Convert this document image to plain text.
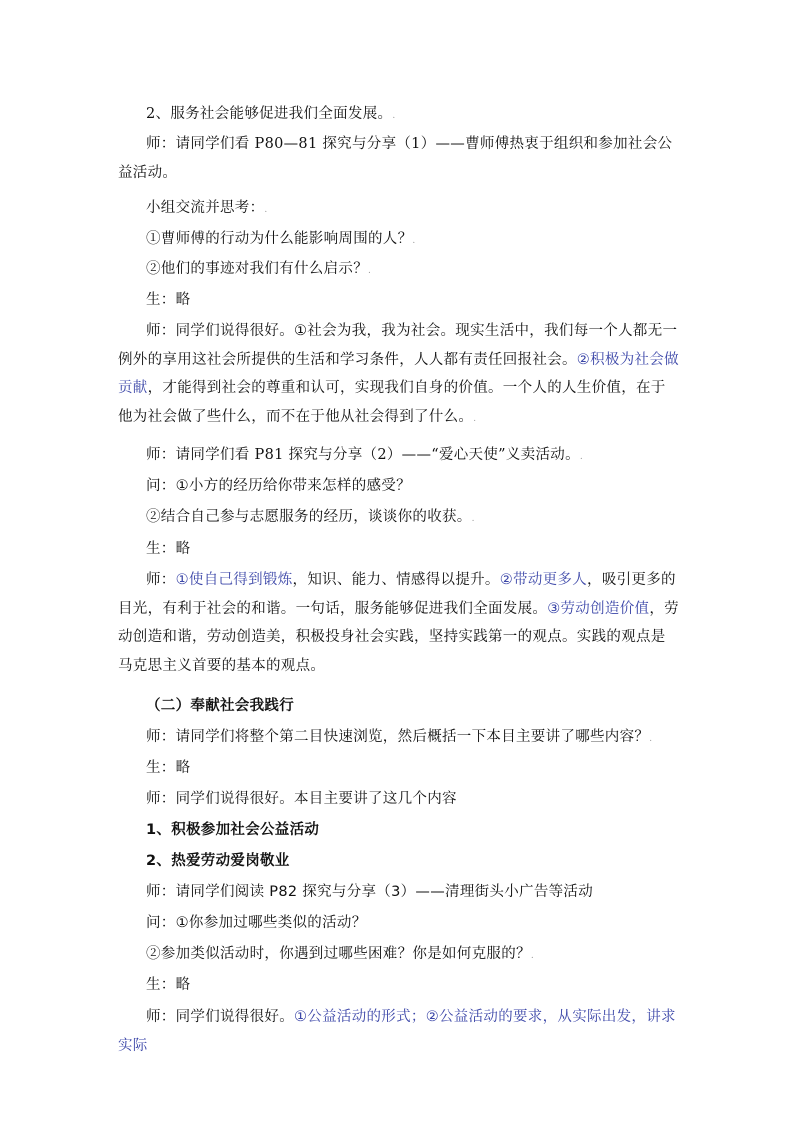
2、服务社会能够促进我们全面发展。.

师：请同学们看 P80—81 探究与分享（1）——曹师傅热衷于组织和参加社会公益活动。

小组交流并思考：.

①曹师傅的行动为什么能影响周围的人？.

②他们的事迹对我们有什么启示？.

生：略

师：同学们说得很好。①社会为我，我为社会。现实生活中，我们每一个人都无一例外的享用这社会所提供的生活和学习条件，人人都有责任回报社会。②积极为社会做贡献，才能得到社会的尊重和认可，实现我们自身的价值。一个人的人生价值，在于他为社会做了些什么，而不在于他从社会得到了什么。.

师：请同学们看 P81 探究与分享（2）——“爱心天使”义卖活动。.

问：①小方的经历给你带来怎样的感受？

②结合自己参与志愿服务的经历，谈谈你的收获。.

生：略

师：①使自己得到锻炼，知识、能力、情感得以提升。②带动更多人，吸引更多的目光，有利于社会的和谐。一句话，服务能够促进我们全面发展。③劳动创造价值，劳动创造和谐，劳动创造美，积极投身社会实践，坚持实践第一的观点。实践的观点是马克思主义首要的基本的观点。

（二）奉献社会我践行

师：请同学们将整个第二目快速浏览，然后概括一下本目主要讲了哪些内容？.

生：略

师：同学们说得很好。本目主要讲了这几个内容

1、积极参加社会公益活动

2、热爱劳动爱岗敬业

师：请同学们阅读 P82 探究与分享（3）——清理街头小广告等活动

问：①你参加过哪些类似的活动？

②参加类似活动时，你遇到过哪些困难？你是如何克服的？.

生：略

师：同学们说得很好。①公益活动的形式；②公益活动的要求，从实际出发，讲求实际
